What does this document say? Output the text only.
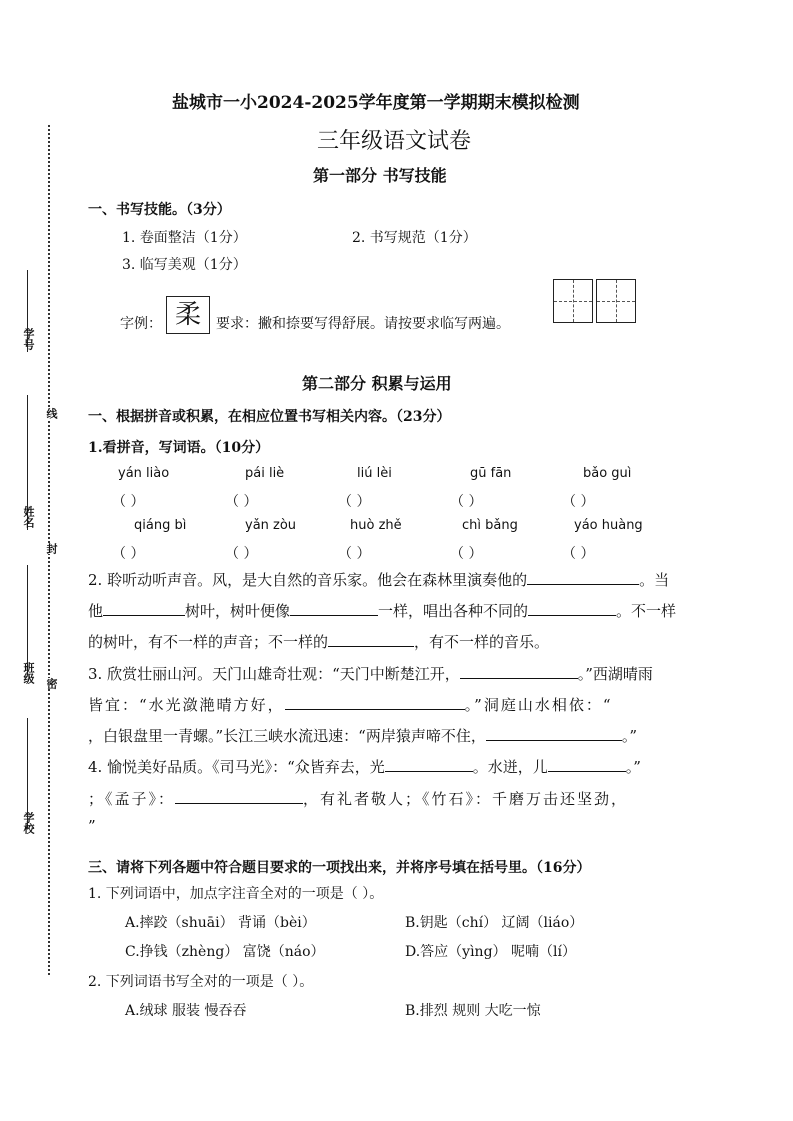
学号
姓名
班级
学校
线
封
密
盐城市一小2024-2025学年度第一学期期末模拟检测
三年级语文试卷
第一部分 书写技能
一、书写技能。（3分）
1. 卷面整洁（1分）	2. 书写规范（1分）
3. 临写美观（1分）
字例： 柔	要求：撇和捺要写得舒展。请按要求临写两遍。
第二部分 积累与运用
一、根据拼音或积累，在相应位置书写相关内容。（23分）
1.看拼音，写词语。（10分）
yán liào	pái liè	liú lèi	gū fān	bǎo guì
（ ）	（ ）	（ ）	（ ）	（ ）
qiáng bì	yǎn zòu	huò zhě	chì bǎng	yáo huàng
（ ）	（ ）	（ ）	（ ）	（ ）
2. 聆听动听声音。风，是大自然的音乐家。他会在森林里演奏他的	。当
他	树叶，树叶便像	一样，唱出各种不同的	。不一样
的树叶，有不一样的声音；不一样的	，有不一样的音乐。
3. 欣赏壮丽山河。天门山雄奇壮观：“天门中断楚江开，	。”西湖晴雨
皆宜：“水光潋滟晴方好，	。”洞庭山水相依：“
，白银盘里一青螺。”长江三峡水流迅速：“两岸猿声啼不住，	。”
4. 愉悦美好品质。《司马光》：“众皆弃去，光	。水迸，儿	。”
；《孟子》：	，有礼者敬人；《竹石》：千磨万击还坚劲，
”
三、请将下列各题中符合题目要求的一项找出来，并将序号填在括号里。（16分）
1. 下列词语中，加点字注音全对的一项是（ ）。
A.摔跤（shuāi） 背诵（bèi）	B.钥匙（chí） 辽阔（liáo）
C.挣钱（zhèng） 富饶（náo）	D.答应（yìng） 呢喃（lí）
2. 下列词语书写全对的一项是（ ）。
A.绒球 服装 慢吞吞	B.排烈 规则 大吃一惊
